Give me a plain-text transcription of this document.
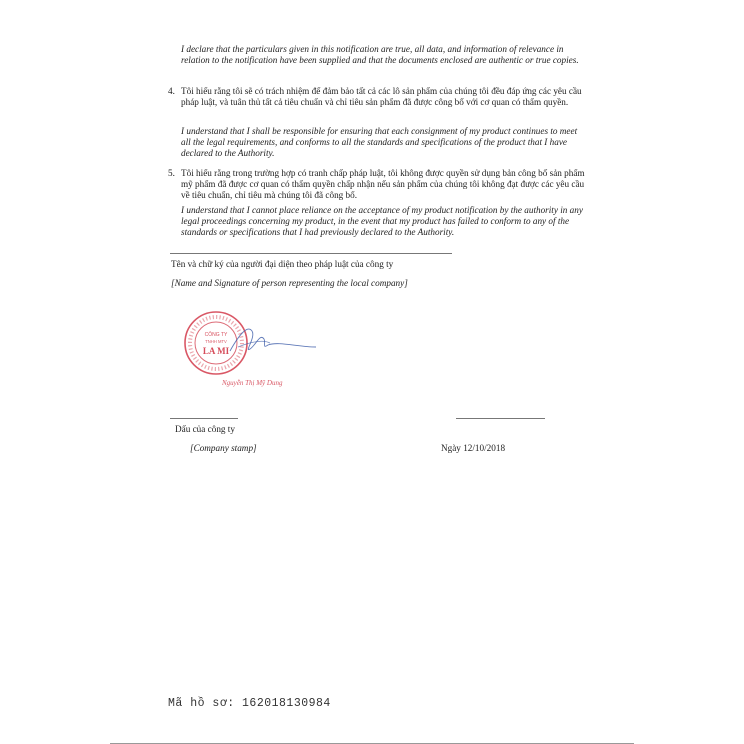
I declare that the particulars given in this notification are true, all data, and information of relevance in relation to the notification have been supplied and that the documents enclosed are authentic or true copies.
4. Tôi hiểu rằng tôi sẽ có trách nhiệm để đảm bảo tất cả các lô sản phẩm của chúng tôi đều đáp ứng các yêu cầu pháp luật, và tuân thủ tất cả tiêu chuẩn và chỉ tiêu sản phẩm đã được công bố với cơ quan có thẩm quyền.
I understand that I shall be responsible for ensuring that each consignment of my product continues to meet all the legal requirements, and conforms to all the standards and specifications of the product that I have declared to the Authority.
5. Tôi hiểu rằng trong trường hợp có tranh chấp pháp luật, tôi không được quyền sử dụng bản công bố sản phẩm mỹ phẩm đã được cơ quan có thẩm quyền chấp nhận nếu sản phẩm của chúng tôi không đạt được các yêu cầu về tiêu chuẩn, chỉ tiêu mà chúng tôi đã công bố.
I understand that I cannot place reliance on the acceptance of my product notification by the authority in any legal proceedings concerning my product, in the event that my product has failed to conform to any of the standards or specifications that I had previously declared to the Authority.
Tên và chữ ký của người đại diện theo pháp luật của công ty
[Name and Signature of person representing the local company]
CÔNG TY
TNHH MTV
LA MI
Nguyễn Thị Mỹ Dung
Dấu của công ty
[Company stamp]	Ngày 12/10/2018
Mã hồ sơ: 162018130984
